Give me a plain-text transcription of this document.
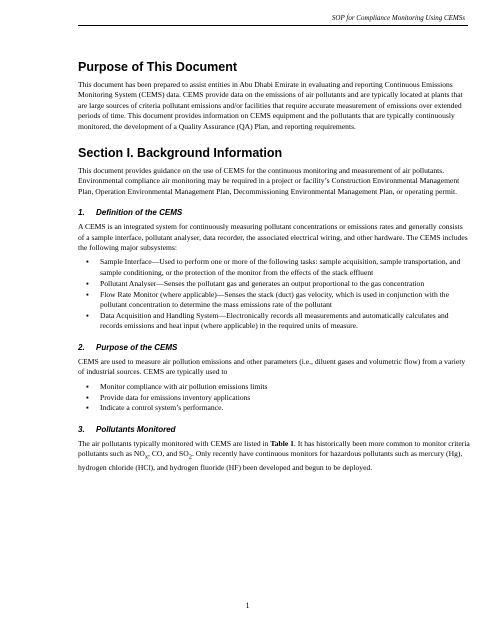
SOP for Compliance Monitoring Using CEMSs
Purpose of This Document

This document has been prepared to assist entities in Abu Dhabi Emirate in evaluating and reporting Continuous Emissions Monitoring System (CEMS) data. CEMS provide data on the emissions of air pollutants and are typically located at plants that are large sources of criteria pollutant emissions and/or facilities that require accurate measurement of emissions over extended periods of time. This document provides information on CEMS equipment and the pollutants that are typically continuously monitored, the development of a Quality Assurance (QA) Plan, and reporting requirements.

Section I. Background Information

This document provides guidance on the use of CEMS for the continuous monitoring and measurement of air pollutants. Environmental compliance air monitoring may be required in a project or facility’s Construction Environmental Management Plan, Operation Environmental Management Plan, Decommissioning Environmental Management Plan, or operating permit.

1. Definition of the CEMS

A CEMS is an integrated system for continuously measuring pollutant concentrations or emissions rates and generally consists of a sample interface, pollutant analyser, data recorder, the associated electrical wiring, and other hardware. The CEMS includes the following major subsystems:

▪ Sample Interface—Used to perform one or more of the following tasks: sample acquisition, sample transportation, and sample conditioning, or the protection of the monitor from the effects of the stack effluent
▪ Pollutant Analyser—Senses the pollutant gas and generates an output proportional to the gas concentration
▪ Flow Rate Monitor (where applicable)—Senses the stack (duct) gas velocity, which is used in conjunction with the pollutant concentration to determine the mass emissions rate of the pollutant
▪ Data Acquisition and Handling System—Electronically records all measurements and automatically calculates and records emissions and heat input (where applicable) in the required units of measure.
2. Purpose of the CEMS

CEMS are used to measure air pollution emissions and other parameters (i.e., diluent gases and volumetric flow) from a variety of industrial sources. CEMS are typically used to

▪ Monitor compliance with air pollution emissions limits
▪ Provide data for emissions inventory applications
▪ Indicate a control system’s performance.
3. Pollutants Monitored

The air pollutants typically monitored with CEMS are listed in Table 1. It has historically been more common to monitor criteria pollutants such as $NO_x$, CO, and $SO_2$. Only recently have continuous monitors for hazardous pollutants such as mercury (Hg), hydrogen chloride (HCl), and hydrogen fluoride (HF) been developed and begun to be deployed.

1
